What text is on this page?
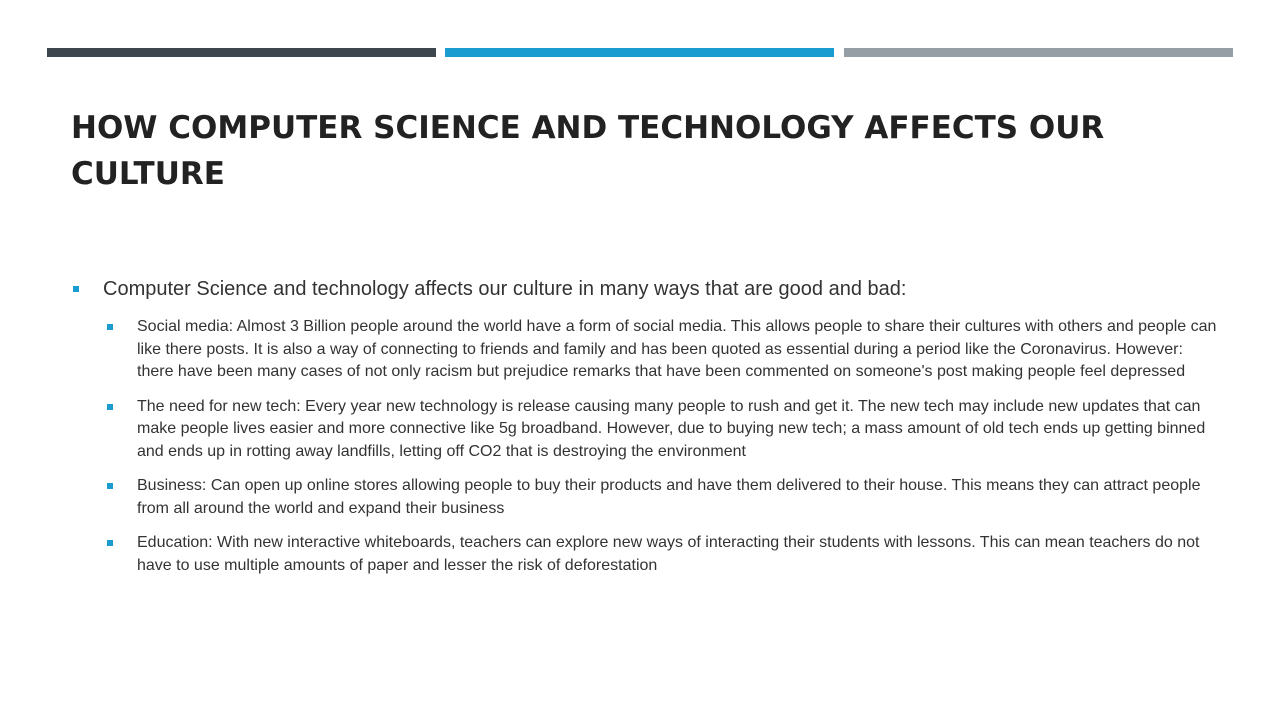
HOW COMPUTER SCIENCE AND TECHNOLOGY AFFECTS OUR CULTURE
Computer Science and technology affects our culture in many ways that are good and bad:
Social media: Almost 3 Billion people around the world have a form of social media. This allows people to share their cultures with others and people can like there posts. It is also a way of connecting to friends and family and has been quoted as essential during a period like the Coronavirus. However: there have been many cases of not only racism but prejudice remarks that have been commented on someone's post making people feel depressed
The need for new tech: Every year new technology is release causing many people to rush and get it. The new tech may include new updates that can make people lives easier and more connective like 5g broadband. However, due to buying new tech; a mass amount of old tech ends up getting binned and ends up in rotting away landfills, letting off CO2 that is destroying the environment
Business: Can open up online stores allowing people to buy their products and have them delivered to their house. This means they can attract people from all around the world and expand their business
Education: With new interactive whiteboards, teachers can explore new ways of interacting their students with lessons. This can mean teachers do not have to use multiple amounts of paper and lesser the risk of deforestation
